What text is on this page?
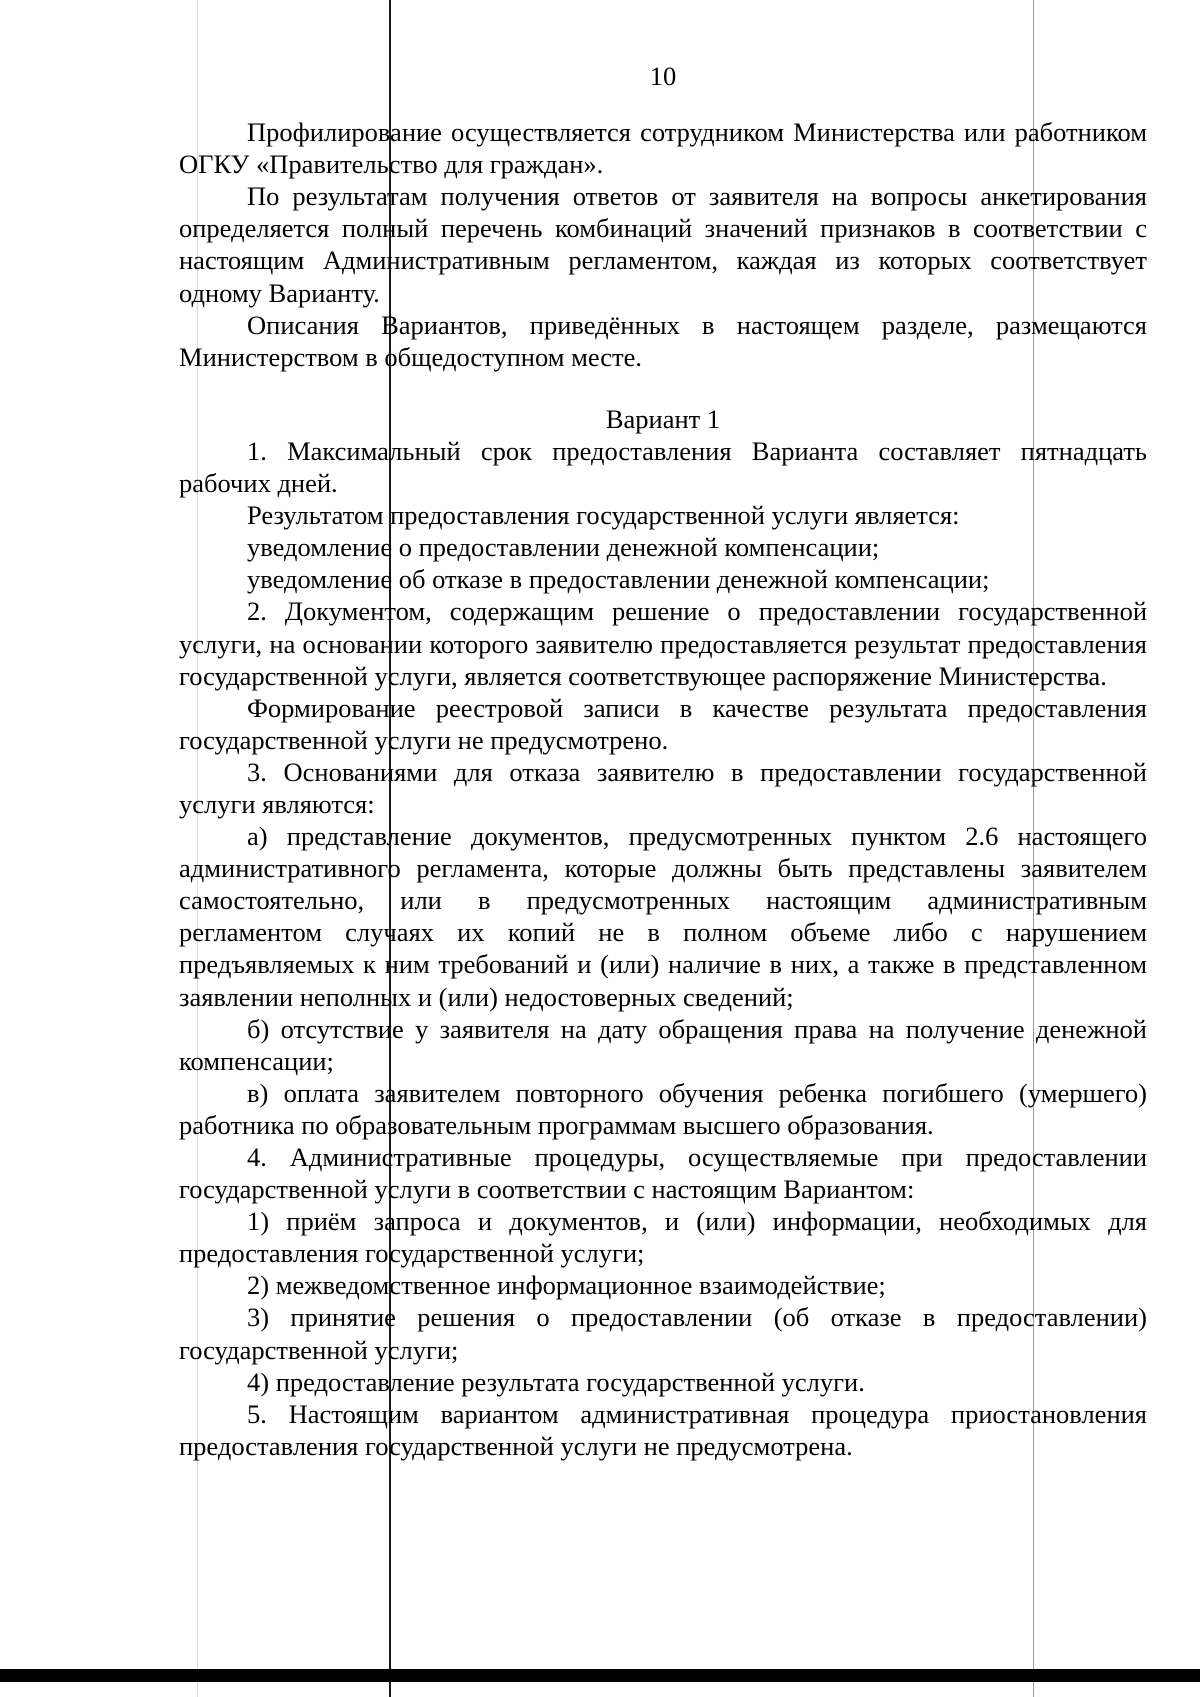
10

Профилирование осуществляется сотрудником Министерства или работником ОГКУ «Правительство для граждан».

По результатам получения ответов от заявителя на вопросы анкетирования определяется полный перечень комбинаций значений признаков в соответствии с настоящим Административным регламентом, каждая из которых соответствует одному Варианту.

Описания Вариантов, приведённых в настоящем разделе, размещаются Министерством в общедоступном месте.

Вариант 1

1. Максимальный срок предоставления Варианта составляет пятнадцать рабочих дней.

Результатом предоставления государственной услуги является:

уведомление о предоставлении денежной компенсации;

уведомление об отказе в предоставлении денежной компенсации;

2. Документом, содержащим решение о предоставлении государственной услуги, на основании которого заявителю предоставляется результат предоставления государственной услуги, является соответствующее распоряжение Министерства.

Формирование реестровой записи в качестве результата предоставления государственной услуги не предусмотрено.

3. Основаниями для отказа заявителю в предоставлении государственной услуги являются:

а) представление документов, предусмотренных пунктом 2.6 настоящего административного регламента, которые должны быть представлены заявителем самостоятельно, или в предусмотренных настоящим административным регламентом случаях их копий не в полном объеме либо с нарушением предъявляемых к ним требований и (или) наличие в них, а также в представленном заявлении неполных и (или) недостоверных сведений;

б) отсутствие у заявителя на дату обращения права на получение денежной компенсации;

в) оплата заявителем повторного обучения ребенка погибшего (умершего) работника по образовательным программам высшего образования.

4. Административные процедуры, осуществляемые при предоставлении государственной услуги в соответствии с настоящим Вариантом:

1) приём запроса и документов, и (или) информации, необходимых для предоставления государственной услуги;

2) межведомственное информационное взаимодействие;

3) принятие решения о предоставлении (об отказе в предоставлении) государственной услуги;

4) предоставление результата государственной услуги.

5. Настоящим вариантом административная процедура приостановления предоставления государственной услуги не предусмотрена.
